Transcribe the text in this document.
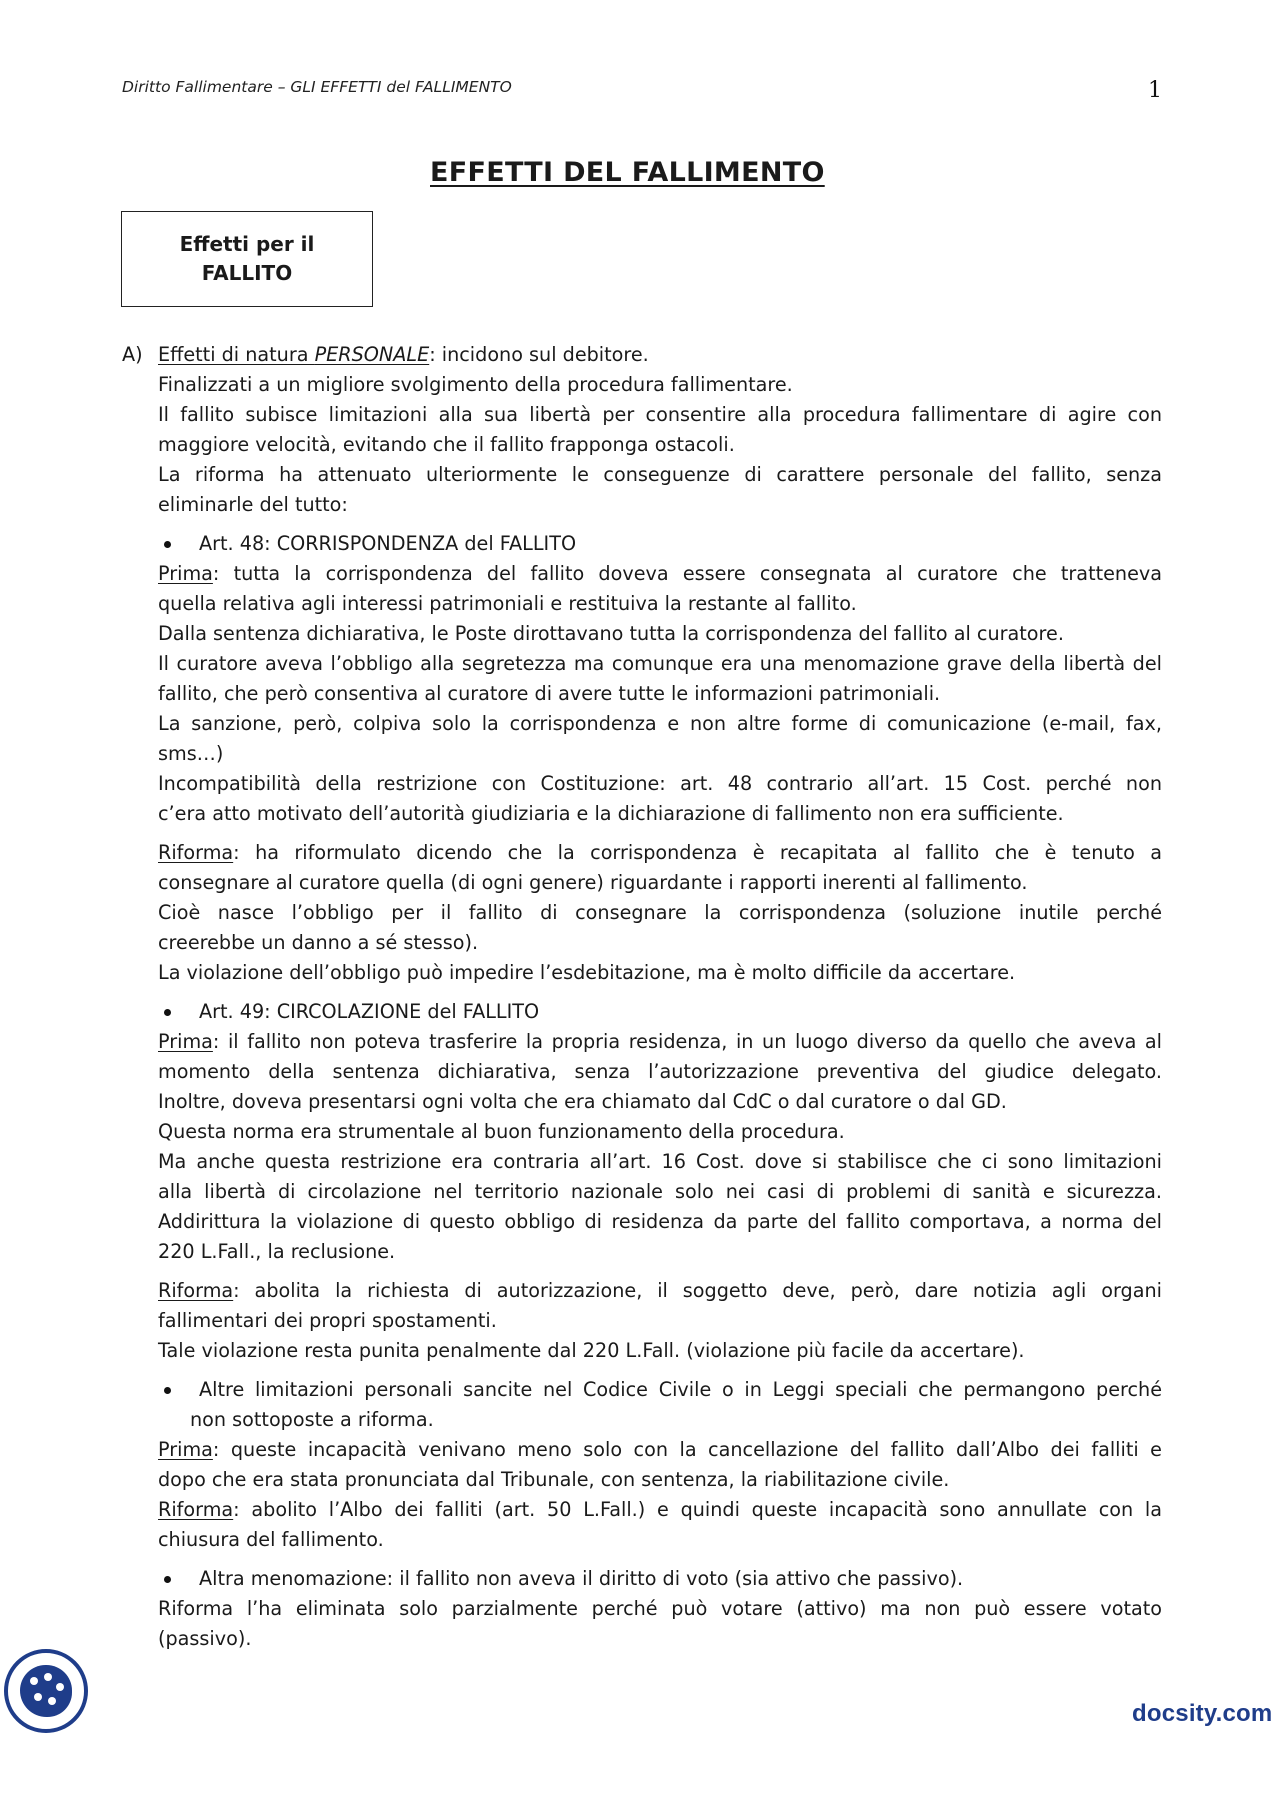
Diritto Fallimentare – GLI EFFETTI del FALLIMENTO	1
EFFETTI DEL FALLIMENTO
Effetti per il
FALLITO
A) Effetti di natura PERSONALE: incidono sul debitore.
Finalizzati a un migliore svolgimento della procedura fallimentare.
Il fallito subisce limitazioni alla sua libertà per consentire alla procedura fallimentare di agire con
maggiore velocità, evitando che il fallito frapponga ostacoli.
La riforma ha attenuato ulteriormente le conseguenze di carattere personale del fallito, senza
eliminarle del tutto:
Art. 48: CORRISPONDENZA del FALLITO
Prima: tutta la corrispondenza del fallito doveva essere consegnata al curatore che tratteneva
quella relativa agli interessi patrimoniali e restituiva la restante al fallito.
Dalla sentenza dichiarativa, le Poste dirottavano tutta la corrispondenza del fallito al curatore.
Il curatore aveva l’obbligo alla segretezza ma comunque era una menomazione grave della libertà del
fallito, che però consentiva al curatore di avere tutte le informazioni patrimoniali.
La sanzione, però, colpiva solo la corrispondenza e non altre forme di comunicazione (e-mail, fax,
sms…)
Incompatibilità della restrizione con Costituzione: art. 48 contrario all’art. 15 Cost. perché non
c’era atto motivato dell’autorità giudiziaria e la dichiarazione di fallimento non era sufficiente.
Riforma: ha riformulato dicendo che la corrispondenza è recapitata al fallito che è tenuto a
consegnare al curatore quella (di ogni genere) riguardante i rapporti inerenti al fallimento.
Cioè nasce l’obbligo per il fallito di consegnare la corrispondenza (soluzione inutile perché
creerebbe un danno a sé stesso).
La violazione dell’obbligo può impedire l’esdebitazione, ma è molto difficile da accertare.
Art. 49: CIRCOLAZIONE del FALLITO
Prima: il fallito non poteva trasferire la propria residenza, in un luogo diverso da quello che aveva al
momento della sentenza dichiarativa, senza l’autorizzazione preventiva del giudice delegato.
Inoltre, doveva presentarsi ogni volta che era chiamato dal CdC o dal curatore o dal GD.
Questa norma era strumentale al buon funzionamento della procedura.
Ma anche questa restrizione era contraria all’art. 16 Cost. dove si stabilisce che ci sono limitazioni
alla libertà di circolazione nel territorio nazionale solo nei casi di problemi di sanità e sicurezza.
Addirittura la violazione di questo obbligo di residenza da parte del fallito comportava, a norma del
220 L.Fall., la reclusione.
Riforma: abolita la richiesta di autorizzazione, il soggetto deve, però, dare notizia agli organi
fallimentari dei propri spostamenti.
Tale violazione resta punita penalmente dal 220 L.Fall. (violazione più facile da accertare).
Altre limitazioni personali sancite nel Codice Civile o in Leggi speciali che permangono perché
non sottoposte a riforma.
Prima: queste incapacità venivano meno solo con la cancellazione del fallito dall’Albo dei falliti e
dopo che era stata pronunciata dal Tribunale, con sentenza, la riabilitazione civile.
Riforma: abolito l’Albo dei falliti (art. 50 L.Fall.) e quindi queste incapacità sono annullate con la
chiusura del fallimento.
Altra menomazione: il fallito non aveva il diritto di voto (sia attivo che passivo).
Riforma l’ha eliminata solo parzialmente perché può votare (attivo) ma non può essere votato
(passivo).
docsity.com
